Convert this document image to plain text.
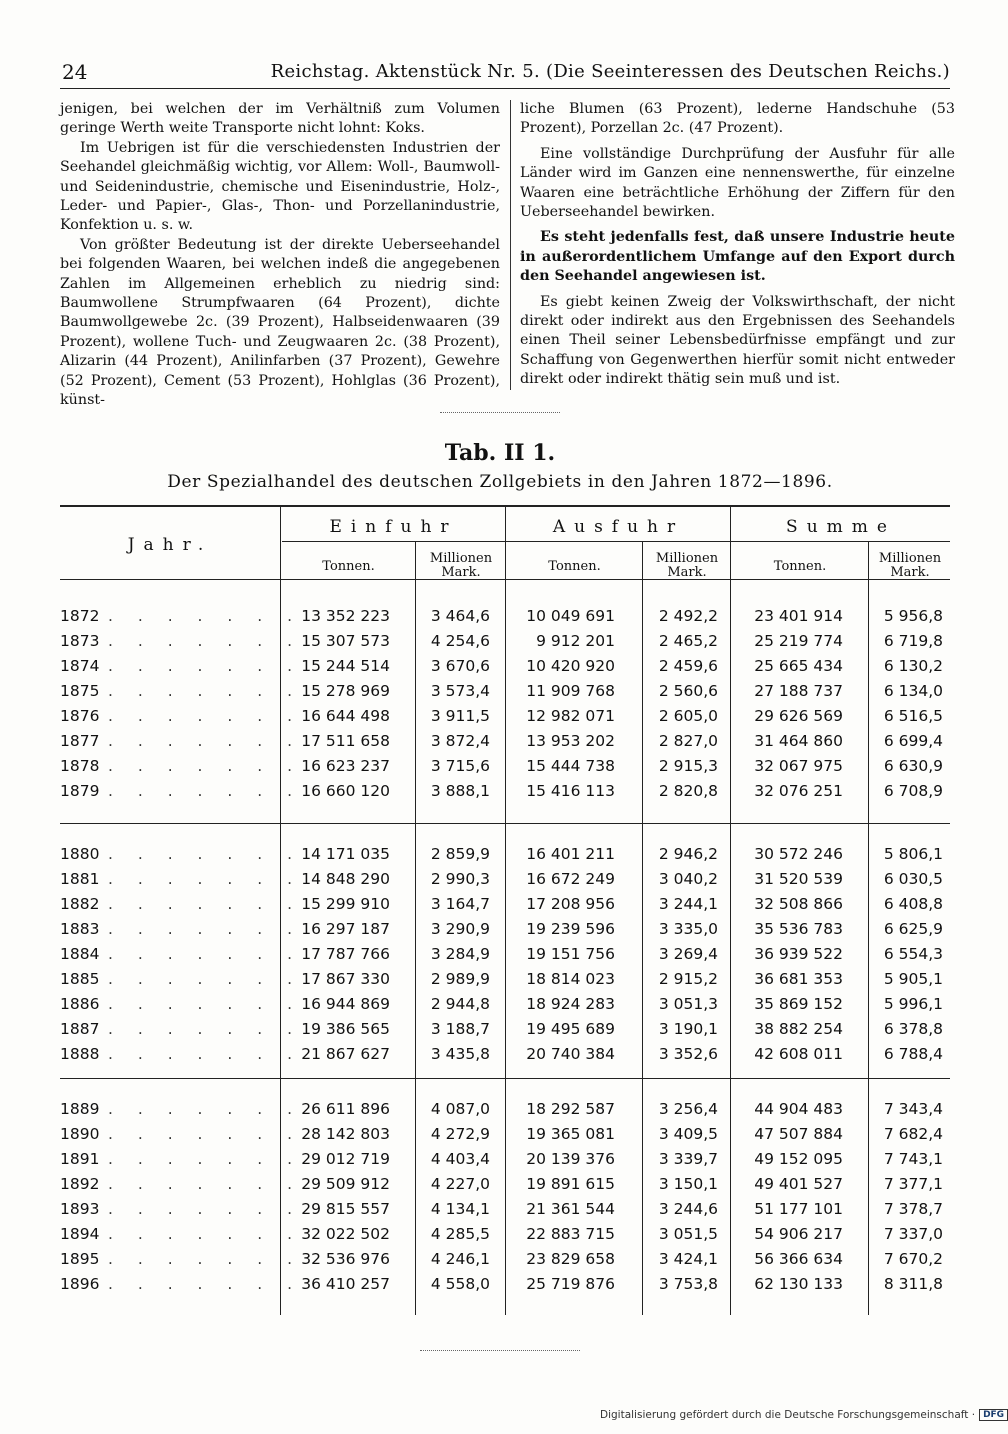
24	Reichstag. Aktenstück Nr. 5. (Die Seeinteressen des Deutschen Reichs.)

jenigen, bei welchen der im Verhältniß zum Volumen geringe Werth weite Transporte nicht lohnt: Koks.

Im Uebrigen ist für die verschiedensten Industrien der Seehandel gleichmäßig wichtig, vor Allem: Woll-, Baumwoll- und Seidenindustrie, chemische und Eisenindustrie, Holz-, Leder- und Papier-, Glas-, Thon- und Porzellanindustrie, Konfektion u. s. w.

Von größter Bedeutung ist der direkte Ueberseehandel bei folgenden Waaren, bei welchen indeß die angegebenen Zahlen im Allgemeinen erheblich zu niedrig sind: Baumwollene Strumpfwaaren (64 Prozent), dichte Baumwollgewebe 2c. (39 Prozent), Halbseidenwaaren (39 Prozent), wollene Tuch- und Zeugwaaren 2c. (38 Prozent), Alizarin (44 Prozent), Anilinfarben (37 Prozent), Gewehre (52 Prozent), Cement (53 Prozent), Hohlglas (36 Prozent), künst-

liche Blumen (63 Prozent), lederne Handschuhe (53 Prozent), Porzellan 2c. (47 Prozent).

Eine vollständige Durchprüfung der Ausfuhr für alle Länder wird im Ganzen eine nennenswerthe, für einzelne Waaren eine beträchtliche Erhöhung der Ziffern für den Ueberseehandel bewirken.

Es steht jedenfalls fest, daß unsere Industrie heute in außerordentlichem Umfange auf den Export durch den Seehandel angewiesen ist.

Es giebt keinen Zweig der Volkswirthschaft, der nicht direkt oder indirekt aus den Ergebnissen des Seehandels einen Theil seiner Lebensbedürfnisse empfängt und zur Schaffung von Gegenwerthen hierfür somit nicht entweder direkt oder indirekt thätig sein muß und ist.

Tab. II 1.
Der Spezialhandel des deutschen Zollgebiets in den Jahren 1872—1896.
Jahr.
Einfuhr	Ausfuhr	Summe
Tonnen.
Millionen
Mark.	Tonnen.
Millionen
Mark.	Tonnen.
Millionen
Mark.
1872 . . . . . . . 13 352 223	3 464,6	10 049 691	2 492,2	23 401 914	5 956,8
1873 . . . . . . . 15 307 573	4 254,6	9 912 201	2 465,2	25 219 774	6 719,8
1874 . . . . . . . 15 244 514	3 670,6	10 420 920	2 459,6	25 665 434	6 130,2
1875 . . . . . . . 15 278 969	3 573,4	11 909 768	2 560,6	27 188 737	6 134,0
1876 . . . . . . . 16 644 498	3 911,5	12 982 071	2 605,0	29 626 569	6 516,5
1877 . . . . . . . 17 511 658	3 872,4	13 953 202	2 827,0	31 464 860	6 699,4
1878 . . . . . . . 16 623 237	3 715,6	15 444 738	2 915,3	32 067 975	6 630,9
1879 . . . . . . . 16 660 120	3 888,1	15 416 113	2 820,8	32 076 251	6 708,9
1880 . . . . . . . 14 171 035	2 859,9	16 401 211	2 946,2	30 572 246	5 806,1
1881 . . . . . . . 14 848 290	2 990,3	16 672 249	3 040,2	31 520 539	6 030,5
1882 . . . . . . . 15 299 910	3 164,7	17 208 956	3 244,1	32 508 866	6 408,8
1883 . . . . . . . 16 297 187	3 290,9	19 239 596	3 335,0	35 536 783	6 625,9
1884 . . . . . . . 17 787 766	3 284,9	19 151 756	3 269,4	36 939 522	6 554,3
1885 . . . . . . . 17 867 330	2 989,9	18 814 023	2 915,2	36 681 353	5 905,1
1886 . . . . . . . 16 944 869	2 944,8	18 924 283	3 051,3	35 869 152	5 996,1
1887 . . . . . . . 19 386 565	3 188,7	19 495 689	3 190,1	38 882 254	6 378,8
1888 . . . . . . . 21 867 627	3 435,8	20 740 384	3 352,6	42 608 011	6 788,4
1889 . . . . . . . 26 611 896	4 087,0	18 292 587	3 256,4	44 904 483	7 343,4
1890 . . . . . . . 28 142 803	4 272,9	19 365 081	3 409,5	47 507 884	7 682,4
1891 . . . . . . . 29 012 719	4 403,4	20 139 376	3 339,7	49 152 095	7 743,1
1892 . . . . . . . 29 509 912	4 227,0	19 891 615	3 150,1	49 401 527	7 377,1
1893 . . . . . . . 29 815 557	4 134,1	21 361 544	3 244,6	51 177 101	7 378,7
1894 . . . . . . . 32 022 502	4 285,5	22 883 715	3 051,5	54 906 217	7 337,0
1895 . . . . . . . 32 536 976	4 246,1	23 829 658	3 424,1	56 366 634	7 670,2
1896 . . . . . . . 36 410 257	4 558,0	25 719 876	3 753,8	62 130 133	8 311,8
Digitalisierung gefördert durch die Deutsche Forschungsgemeinschaft · DFG
